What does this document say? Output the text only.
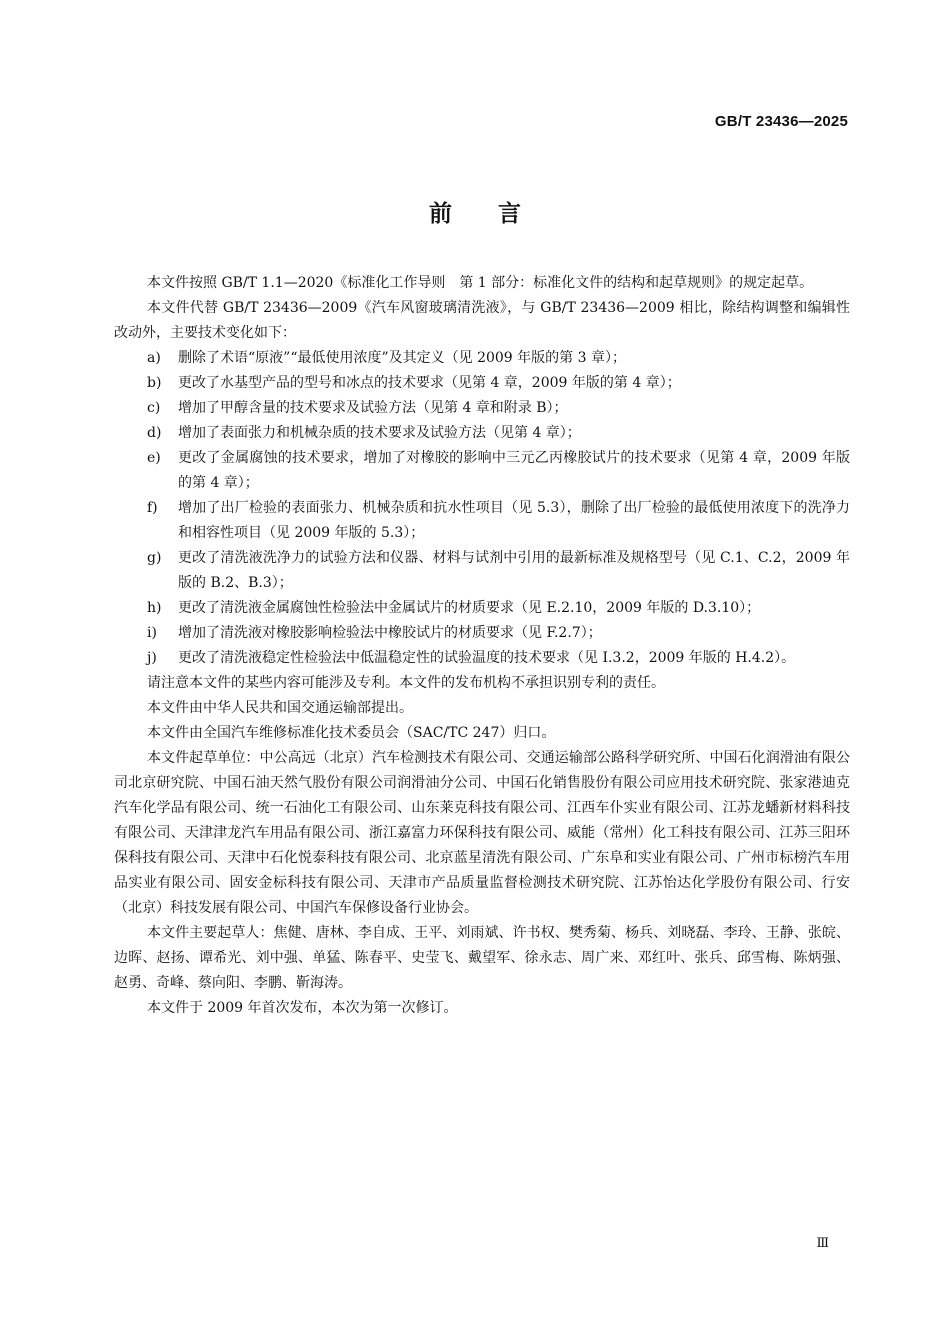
GB/T 23436—2025
前言

本文件按照 GB/T 1.1—2020《标准化工作导则　第 1 部分：标准化文件的结构和起草规则》的规定起草。

本文件代替 GB/T 23436—2009《汽车风窗玻璃清洗液》，与 GB/T 23436—2009 相比，除结构调整和编辑性改动外，主要技术变化如下：

a) 删除了术语“原液”“最低使用浓度”及其定义（见 2009 年版的第 3 章）；
b) 更改了水基型产品的型号和冰点的技术要求（见第 4 章，2009 年版的第 4 章）；
c) 增加了甲醇含量的技术要求及试验方法（见第 4 章和附录 B）；
d) 增加了表面张力和机械杂质的技术要求及试验方法（见第 4 章）；
e) 更改了金属腐蚀的技术要求，增加了对橡胶的影响中三元乙丙橡胶试片的技术要求（见第 4 章，2009 年版的第 4 章）；
f) 增加了出厂检验的表面张力、机械杂质和抗水性项目（见 5.3），删除了出厂检验的最低使用浓度下的洗净力和相容性项目（见 2009 年版的 5.3）；
g) 更改了清洗液洗净力的试验方法和仪器、材料与试剂中引用的最新标准及规格型号（见 C.1、C.2，2009 年版的 B.2、B.3）；
h) 更改了清洗液金属腐蚀性检验法中金属试片的材质要求（见 E.2.10，2009 年版的 D.3.10）；
i) 增加了清洗液对橡胶影响检验法中橡胶试片的材质要求（见 F.2.7）；
j) 更改了清洗液稳定性检验法中低温稳定性的试验温度的技术要求（见 I.3.2，2009 年版的 H.4.2）。

请注意本文件的某些内容可能涉及专利。本文件的发布机构不承担识别专利的责任。

本文件由中华人民共和国交通运输部提出。

本文件由全国汽车维修标准化技术委员会（SAC/TC 247）归口。

本文件起草单位：中公高远（北京）汽车检测技术有限公司、交通运输部公路科学研究所、中国石化润滑油有限公司北京研究院、中国石油天然气股份有限公司润滑油分公司、中国石化销售股份有限公司应用技术研究院、张家港迪克汽车化学品有限公司、统一石油化工有限公司、山东莱克科技有限公司、江西车仆实业有限公司、江苏龙蟠新材料科技有限公司、天津津龙汽车用品有限公司、浙江嘉富力环保科技有限公司、威能（常州）化工科技有限公司、江苏三阳环保科技有限公司、天津中石化悦泰科技有限公司、北京蓝星清洗有限公司、广东阜和实业有限公司、广州市标榜汽车用品实业有限公司、固安金标科技有限公司、天津市产品质量监督检测技术研究院、江苏怡达化学股份有限公司、行安（北京）科技发展有限公司、中国汽车保修设备行业协会。

本文件主要起草人：焦健、唐林、李自成、王平、刘雨斌、许书权、樊秀菊、杨兵、刘晓磊、李玲、王静、张皖、边晖、赵扬、谭希光、刘中强、单猛、陈春平、史莹飞、戴望军、徐永志、周广来、邓红叶、张兵、邱雪梅、陈炳强、赵勇、奇峰、蔡向阳、李鹏、靳海涛。

本文件于 2009 年首次发布，本次为第一次修订。

Ⅲ
